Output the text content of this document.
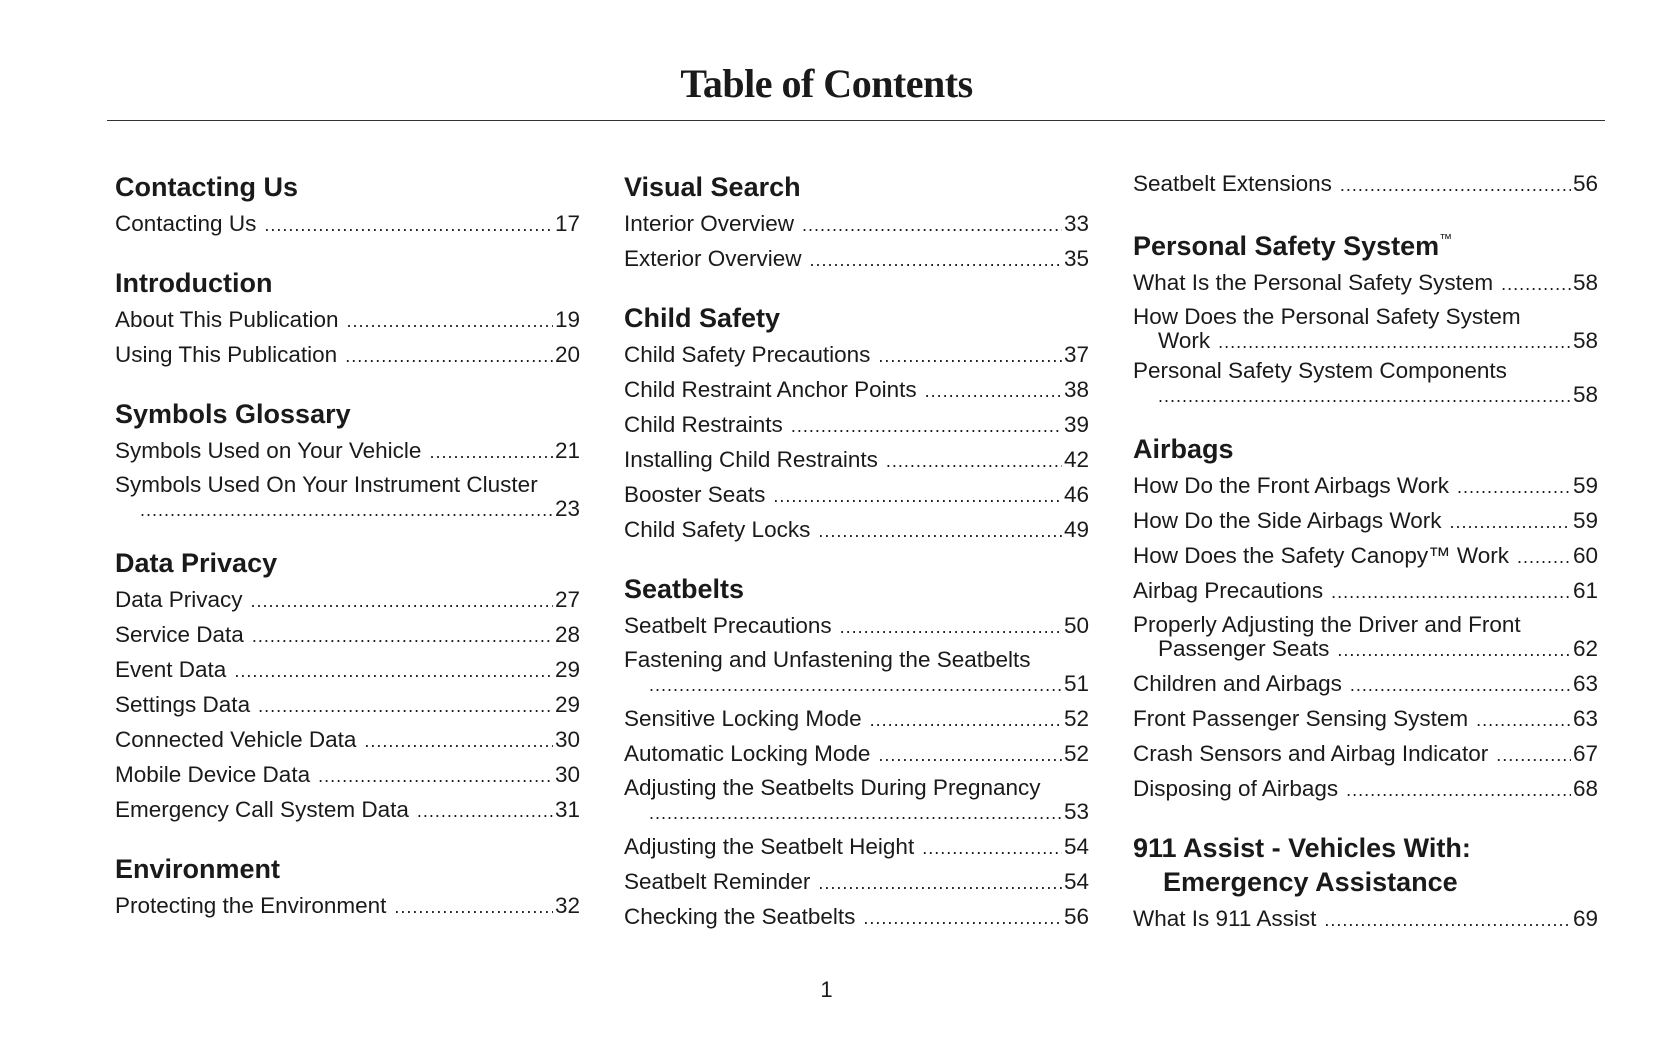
Table of Contents
Contacting Us
Contacting Us .....	17
Introduction
About This Publication .....	19
Using This Publication .....	20
Symbols Glossary
Symbols Used on Your Vehicle .....	21
Symbols Used On Your Instrument Cluster
.....
23
Data Privacy
Data Privacy .....	27
Service Data .....	28
Event Data .....	29
Settings Data .....	29
Connected Vehicle Data .....	30
Mobile Device Data .....	30
Emergency Call System Data .....	31
Environment
Protecting the Environment .....	32
Visual Search
Interior Overview .....	33
Exterior Overview .....	35
Child Safety
Child Safety Precautions .....	37
Child Restraint Anchor Points .....	38
Child Restraints .....	39
Installing Child Restraints .....	42
Booster Seats .....	46
Child Safety Locks .....	49
Seatbelts
Seatbelt Precautions .....	50
Fastening and Unfastening the Seatbelts
.....
51
Sensitive Locking Mode .....	52
Automatic Locking Mode .....	52
Adjusting the Seatbelts During Pregnancy
.....
53
Adjusting the Seatbelt Height .....	54
Seatbelt Reminder .....	54
Checking the Seatbelts .....	56
Seatbelt Extensions .....	56
Personal Safety System™
What Is the Personal Safety System .....	58
How Does the Personal Safety System
Work .....	58
Personal Safety System Components
.....
58
Airbags
How Do the Front Airbags Work .....	59
How Do the Side Airbags Work .....	59
How Does the Safety Canopy™ Work .....	60
Airbag Precautions .....	61
Properly Adjusting the Driver and Front
Passenger Seats .....	62
Children and Airbags .....	63
Front Passenger Sensing System .....	63
Crash Sensors and Airbag Indicator .....	67
Disposing of Airbags .....	68
911 Assist - Vehicles With:
Emergency Assistance
What Is 911 Assist .....	69
1
